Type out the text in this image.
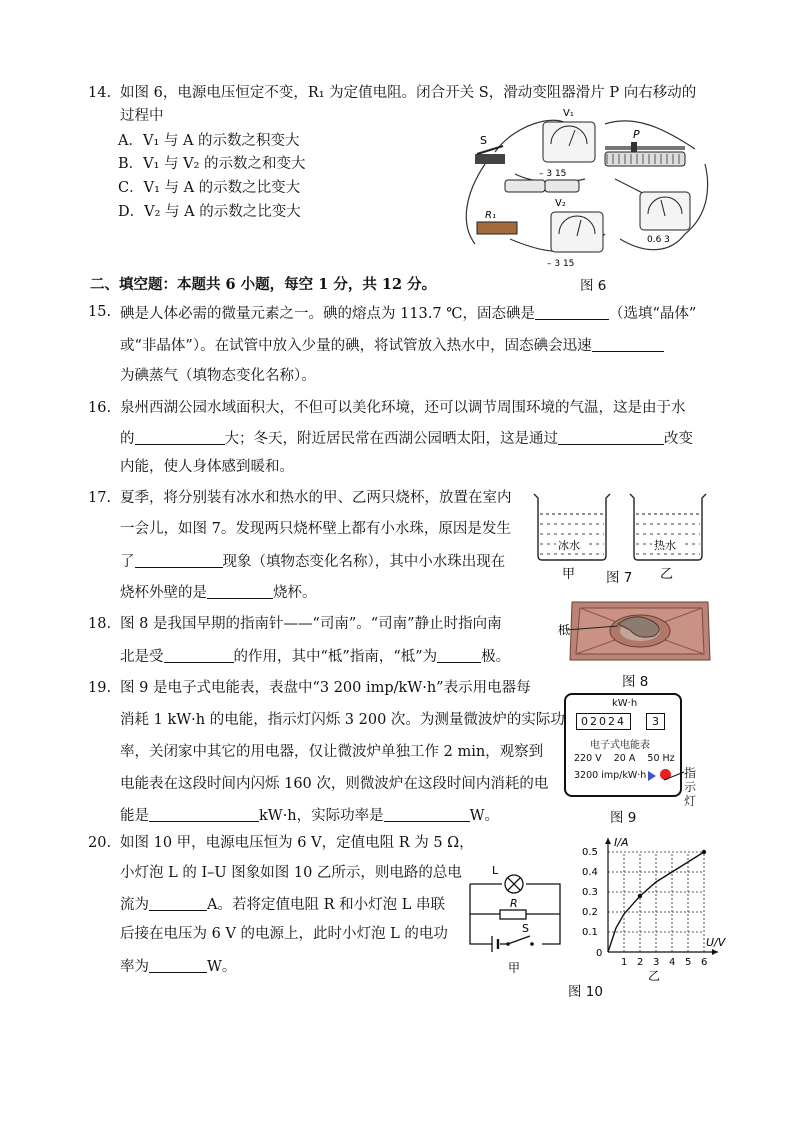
14. 如图 6，电源电压恒定不变，R₁ 为定值电阻。闭合开关 S，滑动变阻器滑片 P 向右移动的
过程中
A．V₁ 与 A 的示数之积变大
B．V₁ 与 V₂ 的示数之和变大
C．V₁ 与 A 的示数之比变大
D．V₂ 与 A 的示数之比变大
S
V₁
– 3 15
P
R₁
V₂
– 3 15
0.6 3
图 6
二、填空题：本题共 6 小题，每空 1 分，共 12 分。
15. 碘是人体必需的微量元素之一。碘的熔点为 113.7 ℃，固态碘是	（选填“晶体”
或“非晶体”）。在试管中放入少量的碘，将试管放入热水中，固态碘会迅速
为碘蒸气（填物态变化名称）。
16. 泉州西湖公园水域面积大，不但可以美化环境，还可以调节周围环境的气温，这是由于水
的	大；冬天，附近居民常在西湖公园晒太阳，这是通过	改变
内能，使人身体感到暖和。
17. 夏季，将分别装有冰水和热水的甲、乙两只烧杯，放置在室内
一会儿，如图 7。发现两只烧杯壁上都有小水珠，原因是发生
了	现象（填物态变化名称），其中小水珠出现在
烧杯外壁的是	烧杯。
冰水
甲
热水
乙
图 7
18. 图 8 是我国早期的指南针——“司南”。“司南”静止时指向南
北是受	的作用，其中“柢”指南，“柢”为	极。
柢
图 8
19. 图 9 是电子式电能表，表盘中“3 200 imp/kW·h”表示用电器每
消耗 1 kW·h 的电能，指示灯闪烁 3 200 次。为测量微波炉的实际功
率，关闭家中其它的用电器，仅让微波炉单独工作 2 min，观察到
电能表在这段时间内闪烁 160 次，则微波炉在这段时间内消耗的电
能是	kW·h，实际功率是	W。
kW·h
02024	3
电子式电能表
220 V    20 A    50 Hz
3200 imp/kW·h	指示灯
图 9
20. 如图 10 甲，电源电压恒为 6 V，定值电阻 R 为 5 Ω，
小灯泡 L 的 I–U 图象如图 10 乙所示，则电路的总电
流为	A。若将定值电阻 R 和小灯泡 L 串联
后接在电压为 6 V 的电源上，此时小灯泡 L 的电功
率为	W。
L
R
S
甲	1 2 3 4 5 6
0.1
0.2
0.3
0.4
0.5
0
U/V
I/A
乙
图 10
